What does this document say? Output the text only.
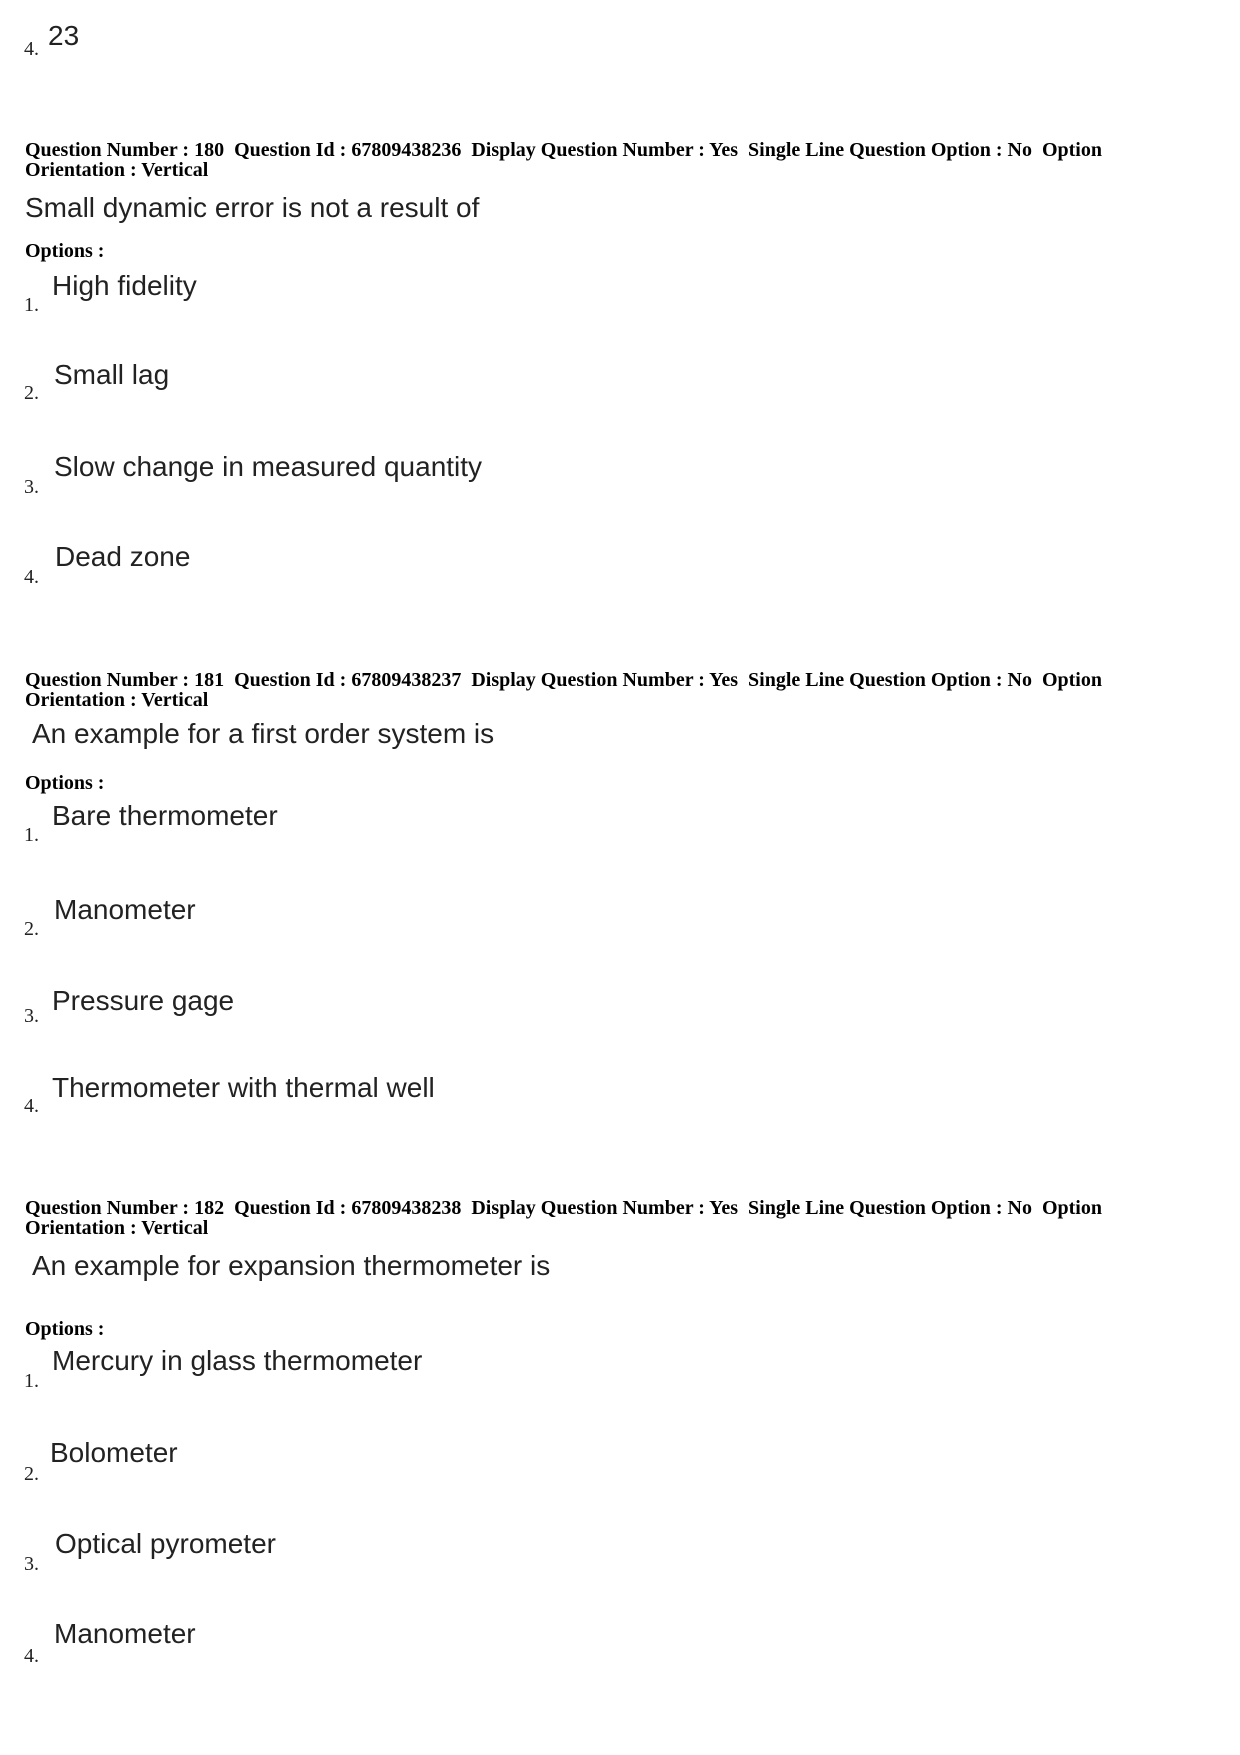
4. 23
Question Number : 180  Question Id : 67809438236  Display Question Number : Yes  Single Line Question Option : No  Option Orientation : Vertical
Small dynamic error is not a result of
Options :
1.
High fidelity
2.
Small lag
3.
Slow change in measured quantity
4.
Dead zone
Question Number : 181  Question Id : 67809438237  Display Question Number : Yes  Single Line Question Option : No  Option Orientation : Vertical
An example for a first order system is
Options :
1.
Bare thermometer
2.
Manometer
3. Pressure gage
4.
Thermometer with thermal well
Question Number : 182  Question Id : 67809438238  Display Question Number : Yes  Single Line Question Option : No  Option Orientation : Vertical
An example for expansion thermometer is
Options :
1.
Mercury in glass thermometer
2.
Bolometer
3.
Optical pyrometer
4.
Manometer
